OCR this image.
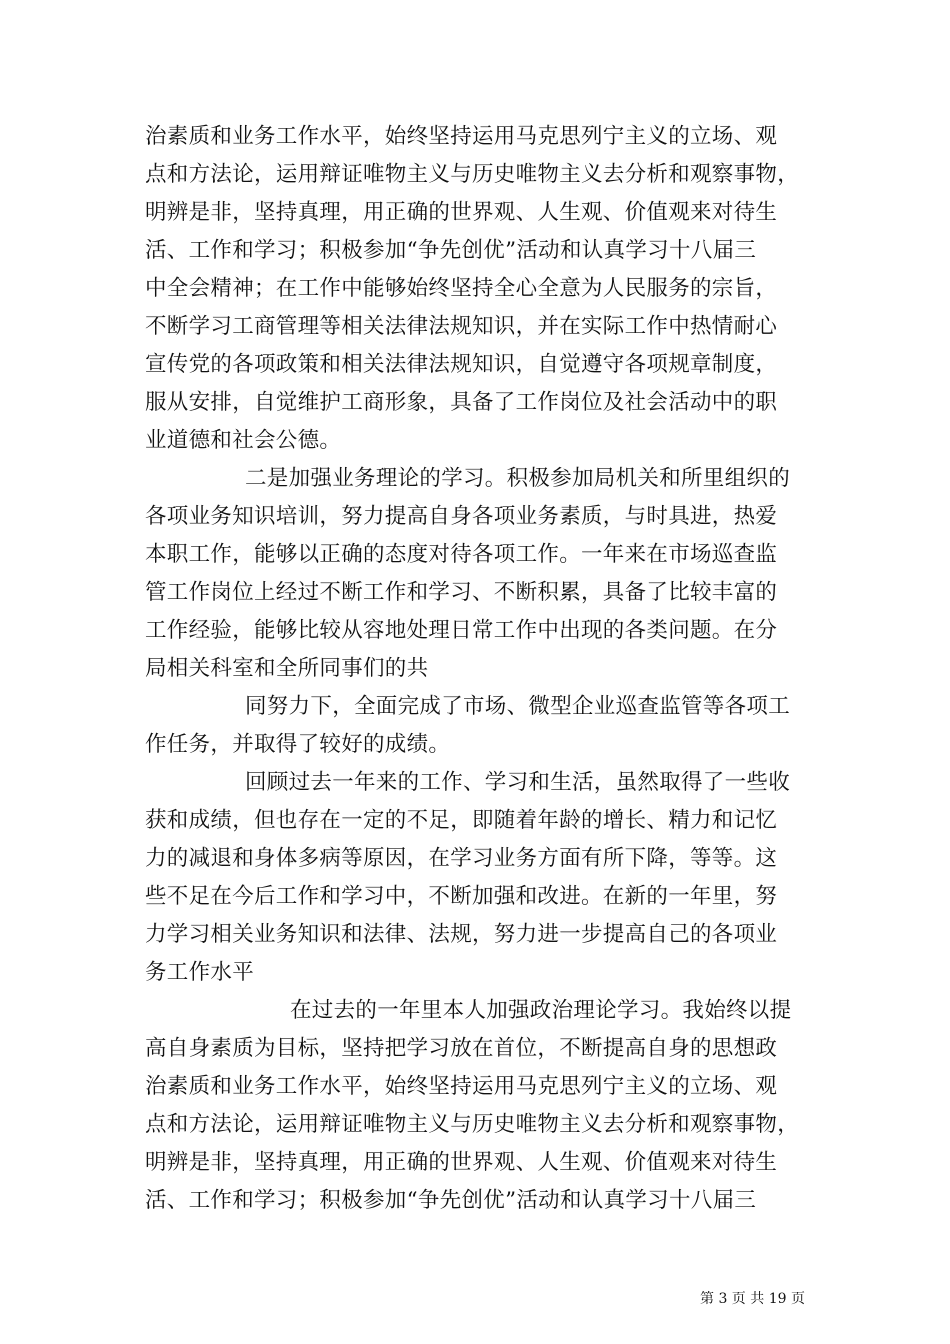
治素质和业务工作水平，始终坚持运用马克思列宁主义的立场、观
点和方法论，运用辩证唯物主义与历史唯物主义去分析和观察事物，
明辨是非，坚持真理，用正确的世界观、人生观、价值观来对待生
活、工作和学习；积极参加“争先创优”活动和认真学习十八届三
中全会精神；在工作中能够始终坚持全心全意为人民服务的宗旨，
不断学习工商管理等相关法律法规知识，并在实际工作中热情耐心
宣传党的各项政策和相关法律法规知识，自觉遵守各项规章制度，
服从安排，自觉维护工商形象，具备了工作岗位及社会活动中的职
业道德和社会公德。
二是加强业务理论的学习。积极参加局机关和所里组织的
各项业务知识培训，努力提高自身各项业务素质，与时具进，热爱
本职工作，能够以正确的态度对待各项工作。一年来在市场巡查监
管工作岗位上经过不断工作和学习、不断积累，具备了比较丰富的
工作经验，能够比较从容地处理日常工作中出现的各类问题。在分
局相关科室和全所同事们的共
同努力下，全面完成了市场、微型企业巡查监管等各项工
作任务，并取得了较好的成绩。
回顾过去一年来的工作、学习和生活，虽然取得了一些收
获和成绩，但也存在一定的不足，即随着年龄的增长、精力和记忆
力的减退和身体多病等原因，在学习业务方面有所下降，等等。这
些不足在今后工作和学习中，不断加强和改进。在新的一年里，努
力学习相关业务知识和法律、法规，努力进一步提高自己的各项业
务工作水平
在过去的一年里本人加强政治理论学习。我始终以提
高自身素质为目标，坚持把学习放在首位，不断提高自身的思想政
治素质和业务工作水平，始终坚持运用马克思列宁主义的立场、观
点和方法论，运用辩证唯物主义与历史唯物主义去分析和观察事物，
明辨是非，坚持真理，用正确的世界观、人生观、价值观来对待生
活、工作和学习；积极参加“争先创优”活动和认真学习十八届三
第 3 页 共 19 页
